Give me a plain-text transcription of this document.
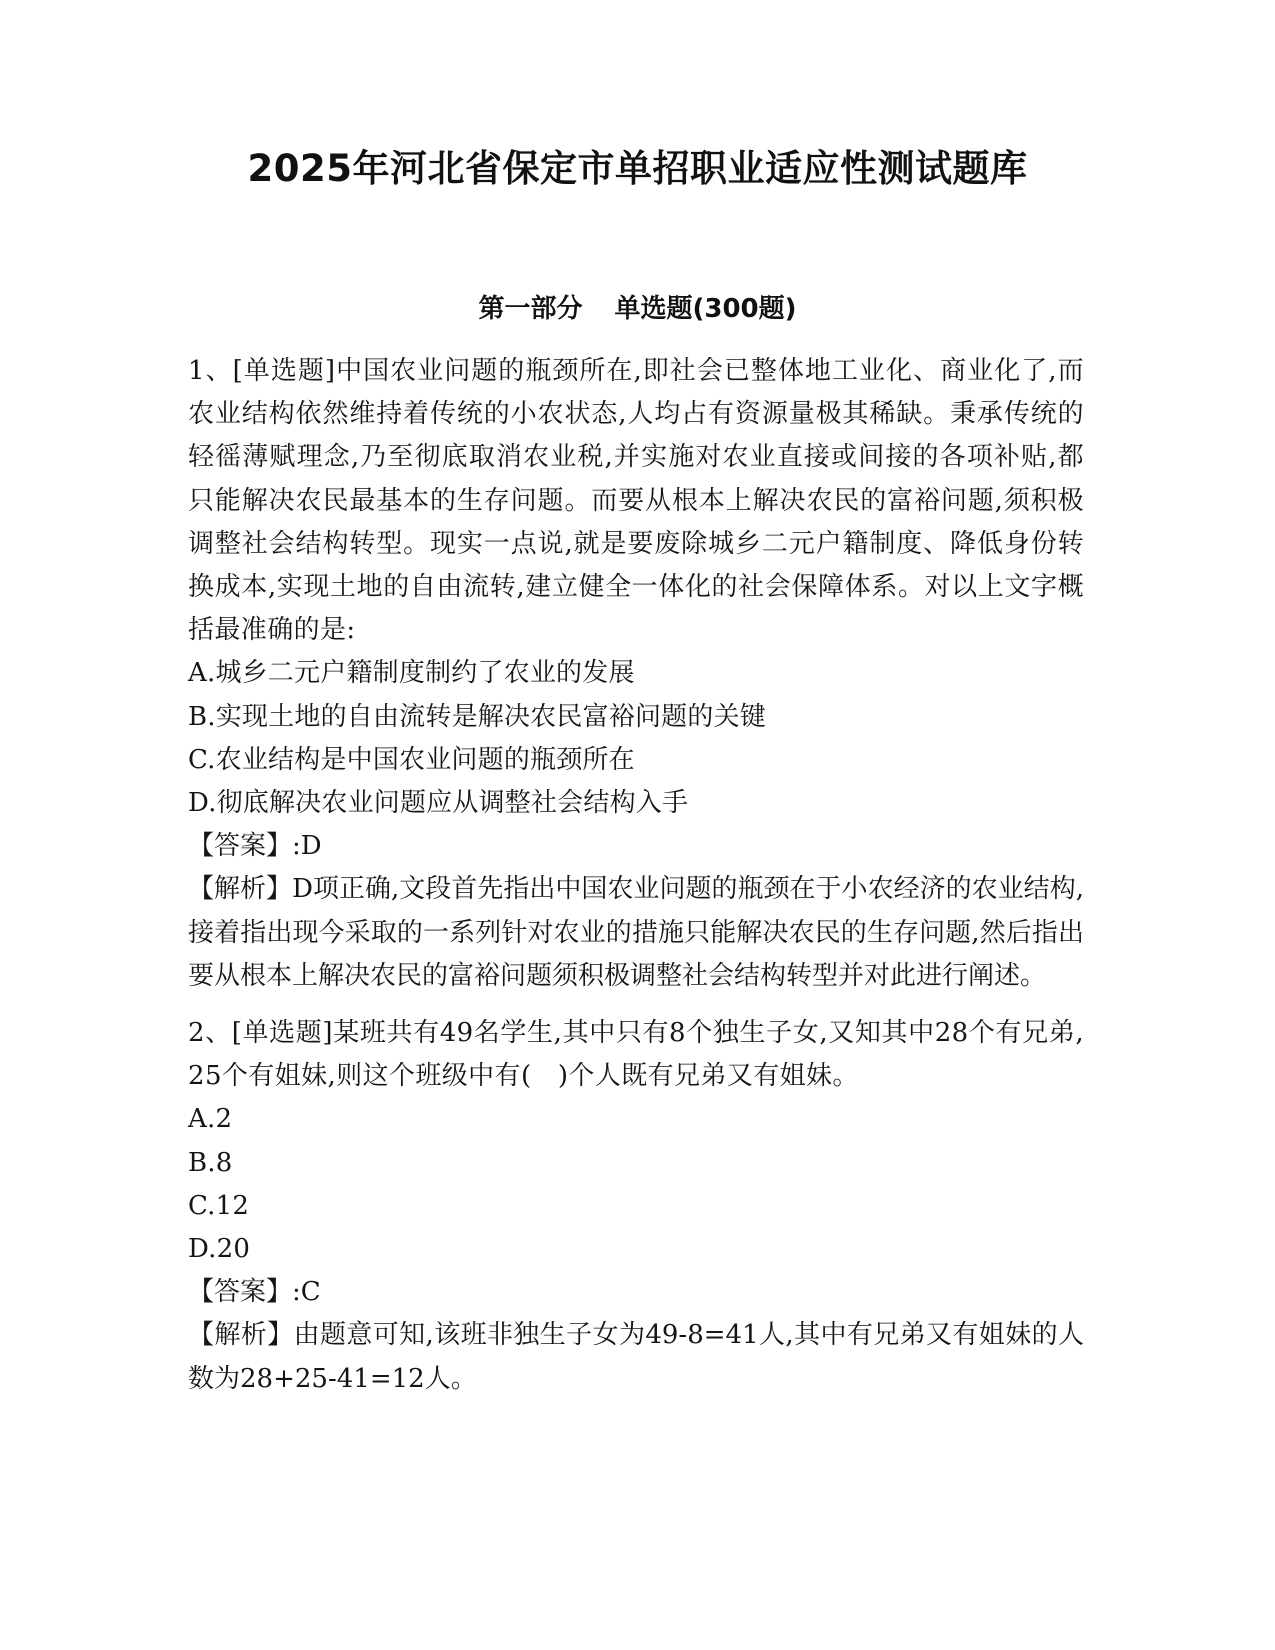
2025年河北省保定市单招职业适应性测试题库
第一部分 单选题(300题)

1、[单选题]中国农业问题的瓶颈所在,即社会已整体地工业化、商业化了,而农业结构依然维持着传统的小农状态,人均占有资源量极其稀缺。秉承传统的轻徭薄赋理念,乃至彻底取消农业税,并实施对农业直接或间接的各项补贴,都只能解决农民最基本的生存问题。而要从根本上解决农民的富裕问题,须积极调整社会结构转型。现实一点说,就是要废除城乡二元户籍制度、降低身份转换成本,实现土地的自由流转,建立健全一体化的社会保障体系。对以上文字概括最准确的是:

A.城乡二元户籍制度制约了农业的发展

B.实现土地的自由流转是解决农民富裕问题的关键

C.农业结构是中国农业问题的瓶颈所在

D.彻底解决农业问题应从调整社会结构入手

【答案】:D

【解析】D项正确,文段首先指出中国农业问题的瓶颈在于小农经济的农业结构,接着指出现今采取的一系列针对农业的措施只能解决农民的生存问题,然后指出要从根本上解决农民的富裕问题须积极调整社会结构转型并对此进行阐述。

2、[单选题]某班共有49名学生,其中只有8个独生子女,又知其中28个有兄弟,25个有姐妹,则这个班级中有(　)个人既有兄弟又有姐妹。

A.2

B.8

C.12

D.20

【答案】:C

【解析】由题意可知,该班非独生子女为49-8=41人,其中有兄弟又有姐妹的人数为28+25-41=12人。
